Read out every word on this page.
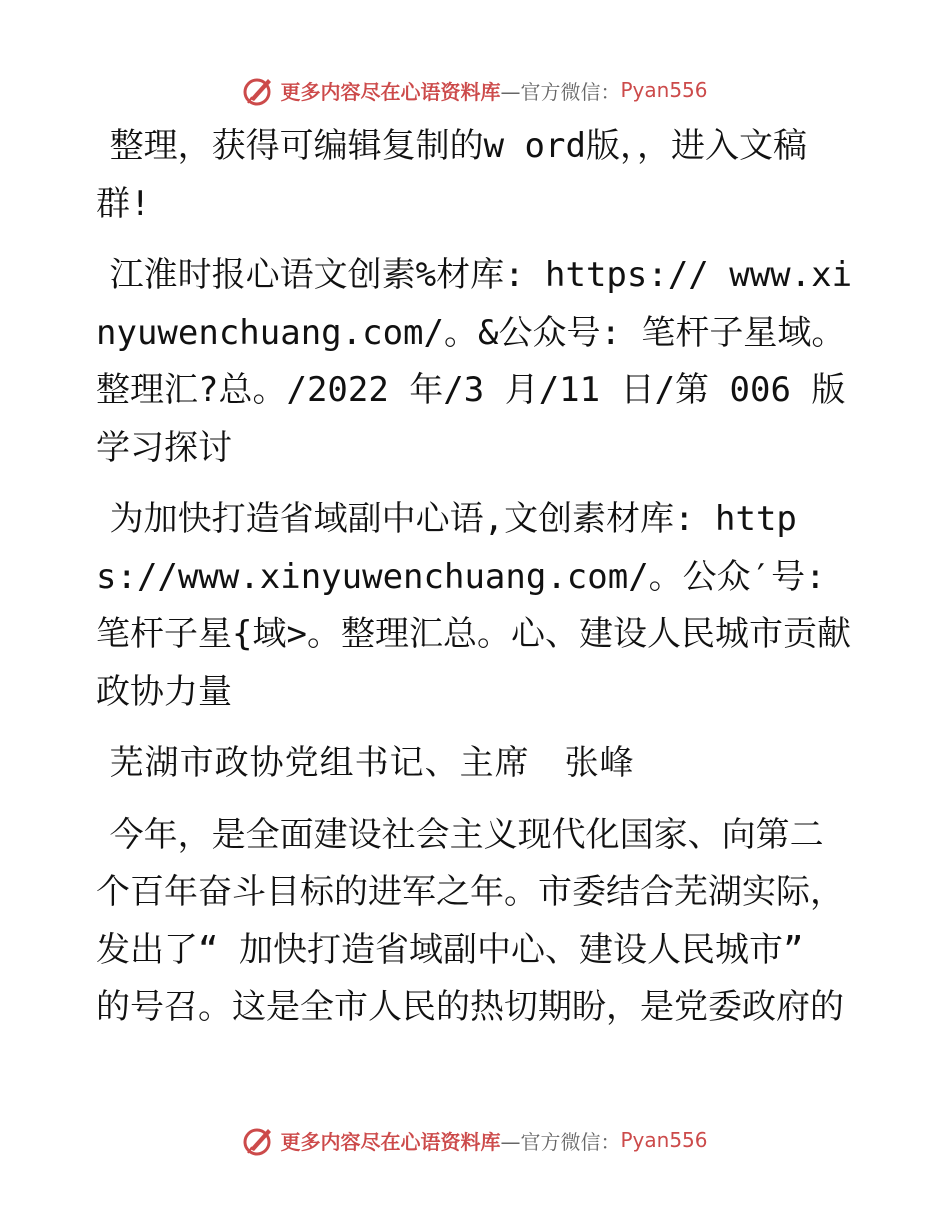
更多内容尽在心语资料库 —官方微信： Pyan556

整理，获得可编辑复制的w ord版，，进入文稿群!

江淮时报心语文创素%材库: https:// www.xinyuwenchuang.com/。&公众号: 笔杆子星域。整理汇?总。/2022 年/3 月/11 日/第 006 版 学习探讨

为加快打造省域副中心语,文创素材库: https://www.xinyuwenchuang.com/。公众′号: 笔杆子星{域>。整理汇总。心、建设人民城市贡献政协力量

芜湖市政协党组书记、主席　张峰

今年，是全面建设社会主义现代化国家、向第二个百年奋斗目标的进军之年。市委结合芜湖实际，发出了“ 加快打造省域副中心、建设人民城市” 的号召。这是全市人民的热切期盼，是党委政府的

更多内容尽在心语资料库 —官方微信： Pyan556
